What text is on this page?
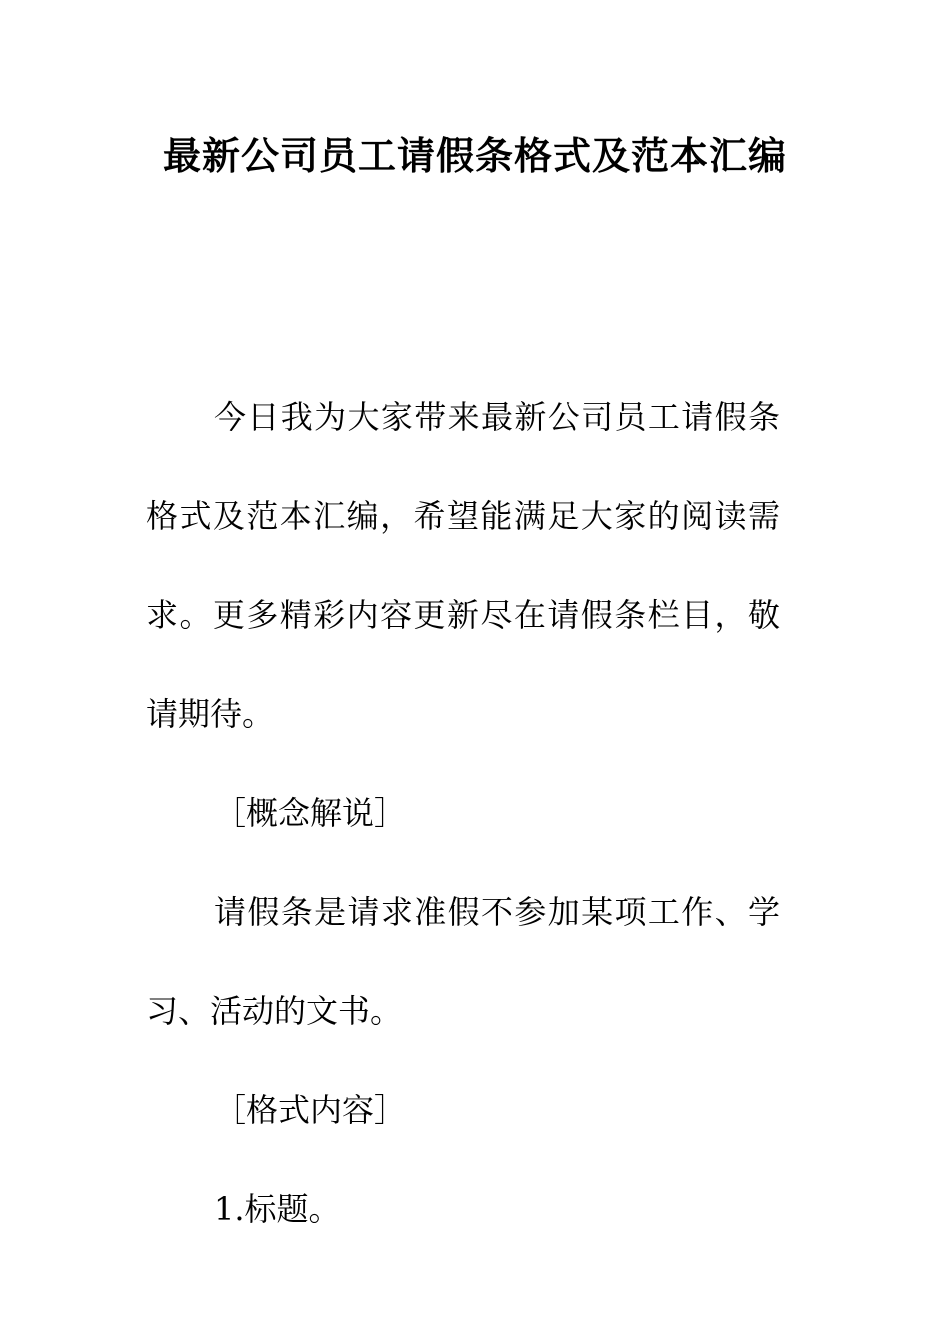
最新公司员工请假条格式及范本汇编

今日我为大家带来最新公司员工请假条格式及范本汇编，希望能满足大家的阅读需求。更多精彩内容更新尽在请假条栏目，敬请期待。

［概念解说］

请假条是请求准假不参加某项工作、学习、活动的文书。

［格式内容］

1.标题。
